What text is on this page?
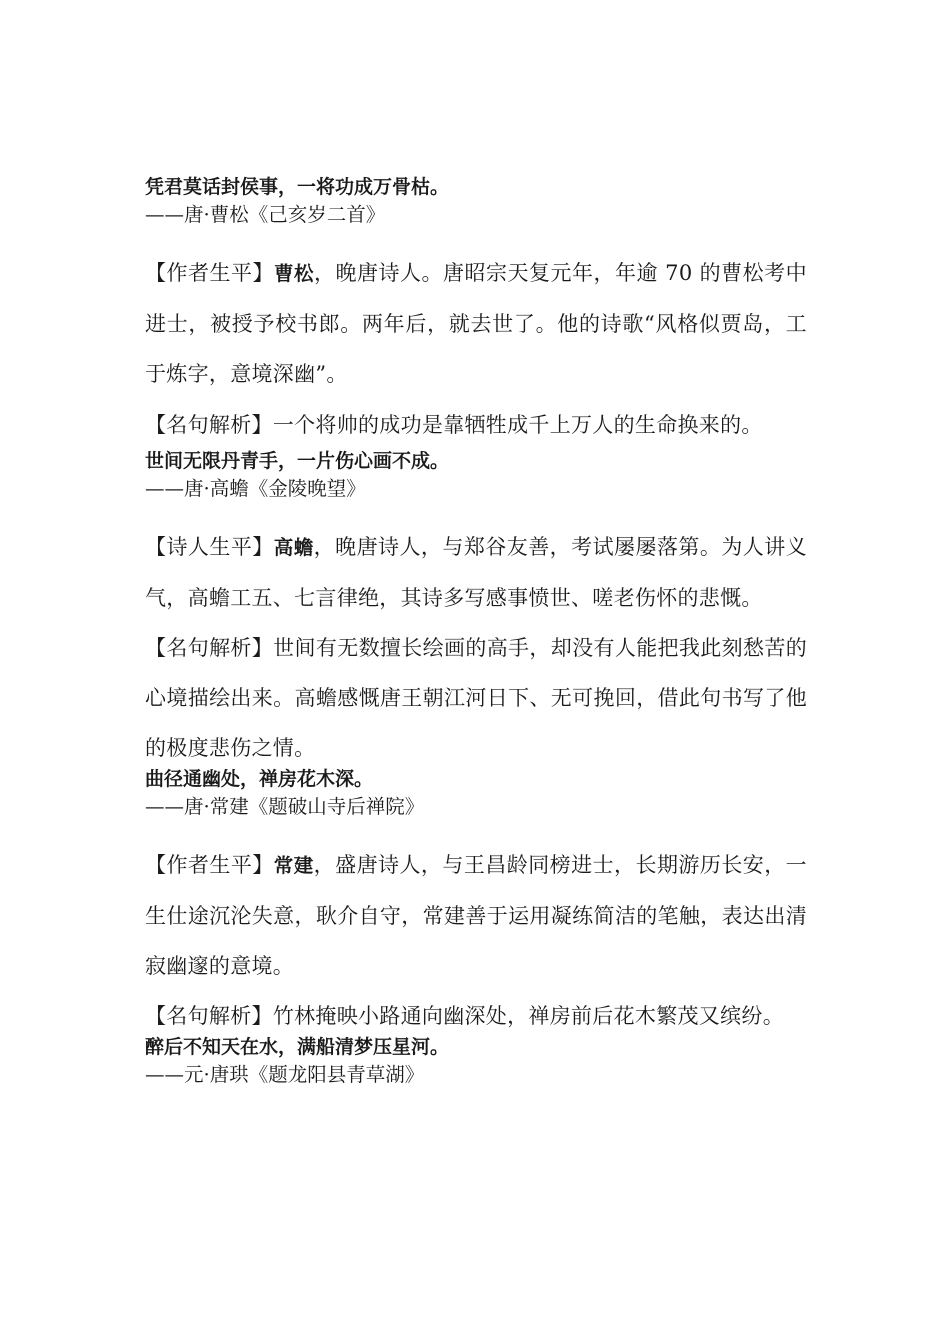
凭君莫话封侯事，一将功成万骨枯。

——唐·曹松《己亥岁二首》

【作者生平】曹松，晚唐诗人。唐昭宗天复元年，年逾 70 的曹松考中进士，被授予校书郎。两年后，就去世了。他的诗歌“风格似贾岛，工于炼字，意境深幽”。

【名句解析】一个将帅的成功是靠牺牲成千上万人的生命换来的。

世间无限丹青手，一片伤心画不成。

——唐·高蟾《金陵晚望》

【诗人生平】高蟾，晚唐诗人，与郑谷友善，考试屡屡落第。为人讲义气，高蟾工五、七言律绝，其诗多写感事愤世、嗟老伤怀的悲慨。

【名句解析】世间有无数擅长绘画的高手，却没有人能把我此刻愁苦的心境描绘出来。高蟾感慨唐王朝江河日下、无可挽回，借此句书写了他的极度悲伤之情。

曲径通幽处，禅房花木深。

——唐·常建《题破山寺后禅院》

【作者生平】常建，盛唐诗人，与王昌龄同榜进士，长期游历长安，一生仕途沉沦失意，耿介自守，常建善于运用凝练简洁的笔触，表达出清寂幽邃的意境。

【名句解析】竹林掩映小路通向幽深处，禅房前后花木繁茂又缤纷。

醉后不知天在水，满船清梦压星河。

——元·唐珙《题龙阳县青草湖》
